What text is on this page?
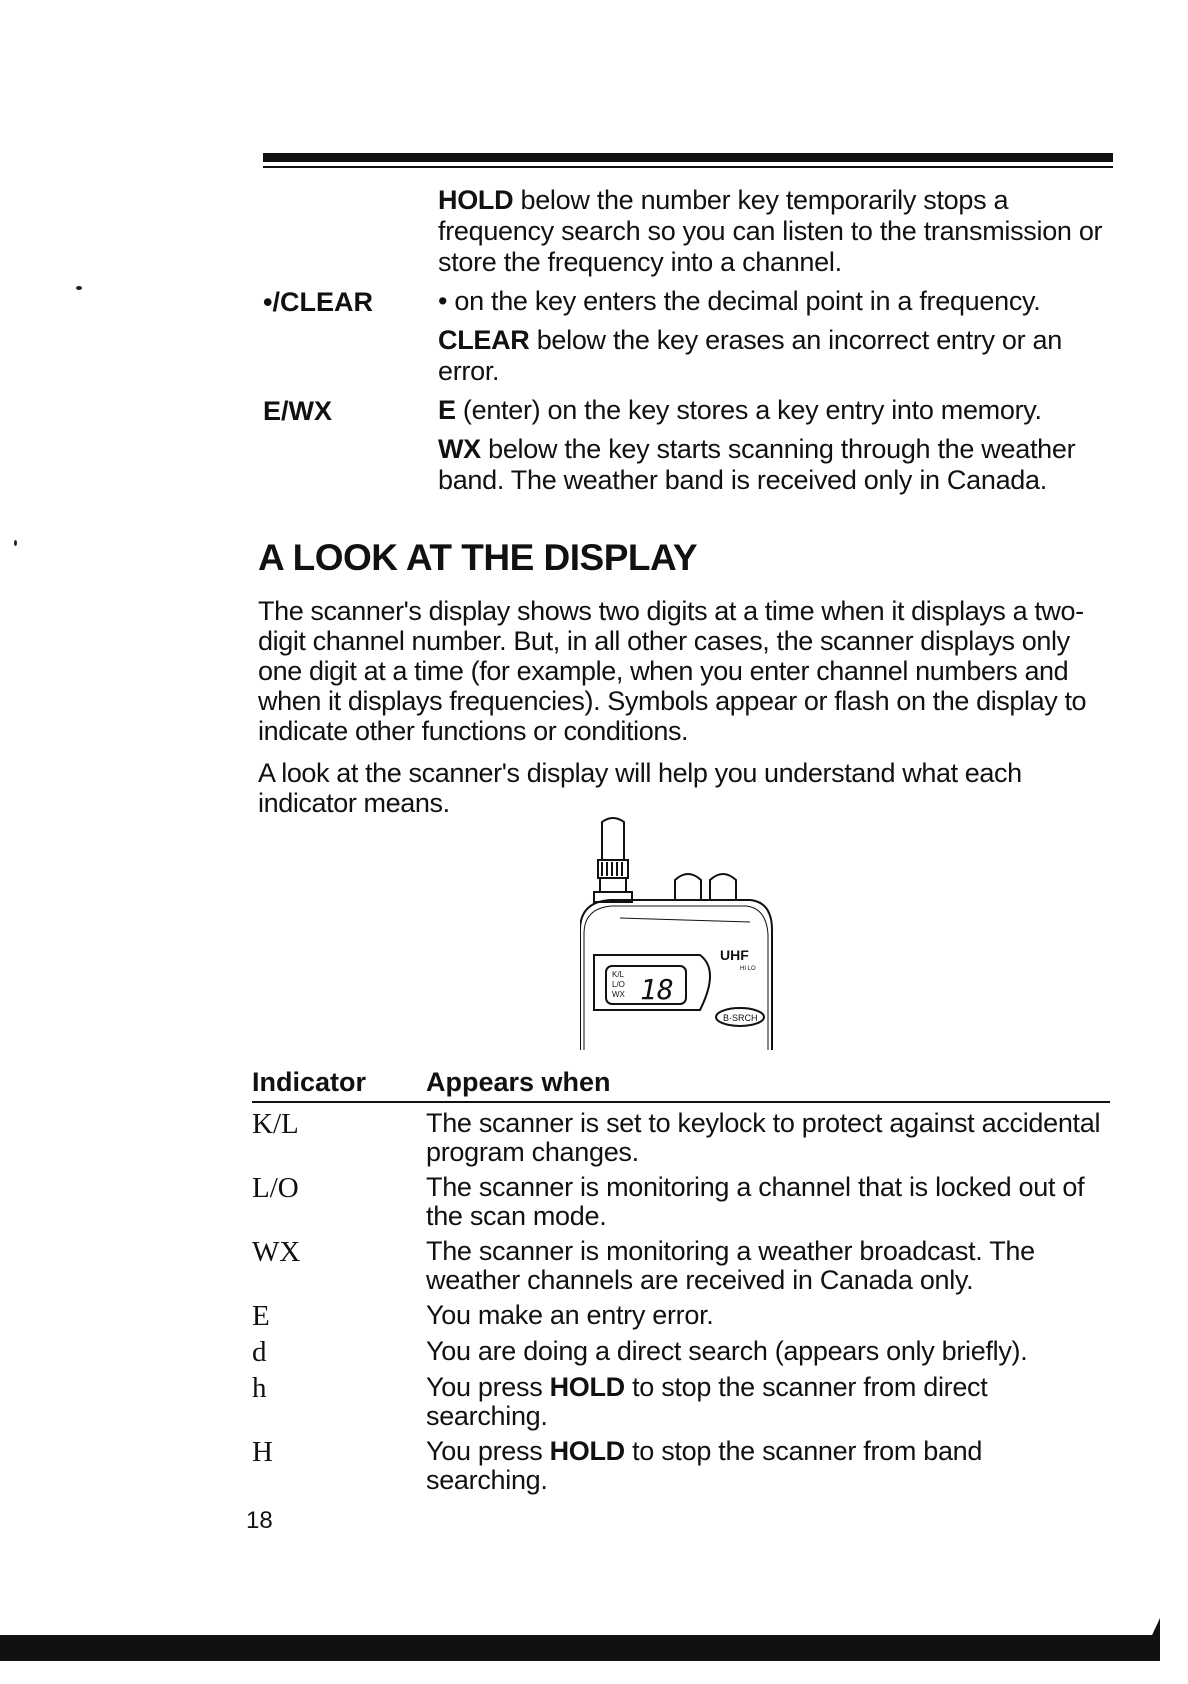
HOLD below the number key temporarily stops a frequency search so you can listen to the transmission or store the frequency into a channel.

•/CLEAR	• on the key enters the decimal point in a frequency.

CLEAR below the key erases an incorrect entry or an error.

E/WX	E (enter) on the key stores a key entry into memory.

WX below the key starts scanning through the weather band. The weather band is received only in Canada.

A LOOK AT THE DISPLAY

The scanner's display shows two digits at a time when it displays a two-digit channel number. But, in all other cases, the scanner displays only one digit at a time (for example, when you enter channel numbers and when it displays frequencies). Symbols appear or flash on the display to indicate other functions or conditions.

A look at the scanner's display will help you understand what each indicator means.

K/L
L/O
WX 18
UHF
HI LO
B·SRCH
Indicator	Appears when
K/L	The scanner is set to keylock to protect against accidental program changes.
L/O	The scanner is monitoring a channel that is locked out of the scan mode.
WX	The scanner is monitoring a weather broadcast. The weather channels are received in Canada only.
E	You make an entry error.
d	You are doing a direct search (appears only briefly).
h	You press HOLD to stop the scanner from direct searching.
H	You press HOLD to stop the scanner from band searching.
18
